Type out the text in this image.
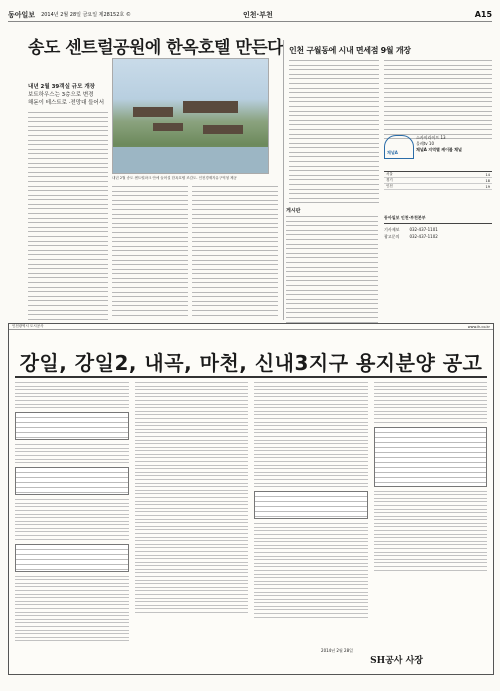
동아일보 2014년 2월 28일 금요일 제28152호 ©	인천·부천	A15
송도 센트럴공원에 한옥호텔 만든다
내년 2월 39객실 규모 개장
보트하우스는 3층으로 변경
해돋이 테스트로 ·전망대 들어서
내년 2월 송도 센트럴파크 안에 들어설 한옥호텔 조감도. 인천경제자유구역청 제공
인천 구월동에 시내 면세점 9월 개장
게시판
채널A
스카이라이프 13
올레tv 10
채널A 지역별 케이블 채널
서울	14
경기	18
인천	19
동아일보 인천·부천본부
기사제보	032-437-1101
광고문의	032-437-1102
인천광역시 도시공사	www.ih.co.kr
강일, 강일2, 내곡, 마천, 신내3지구 용지분양 공고
2014년 2월 28일
SH공사 사장
